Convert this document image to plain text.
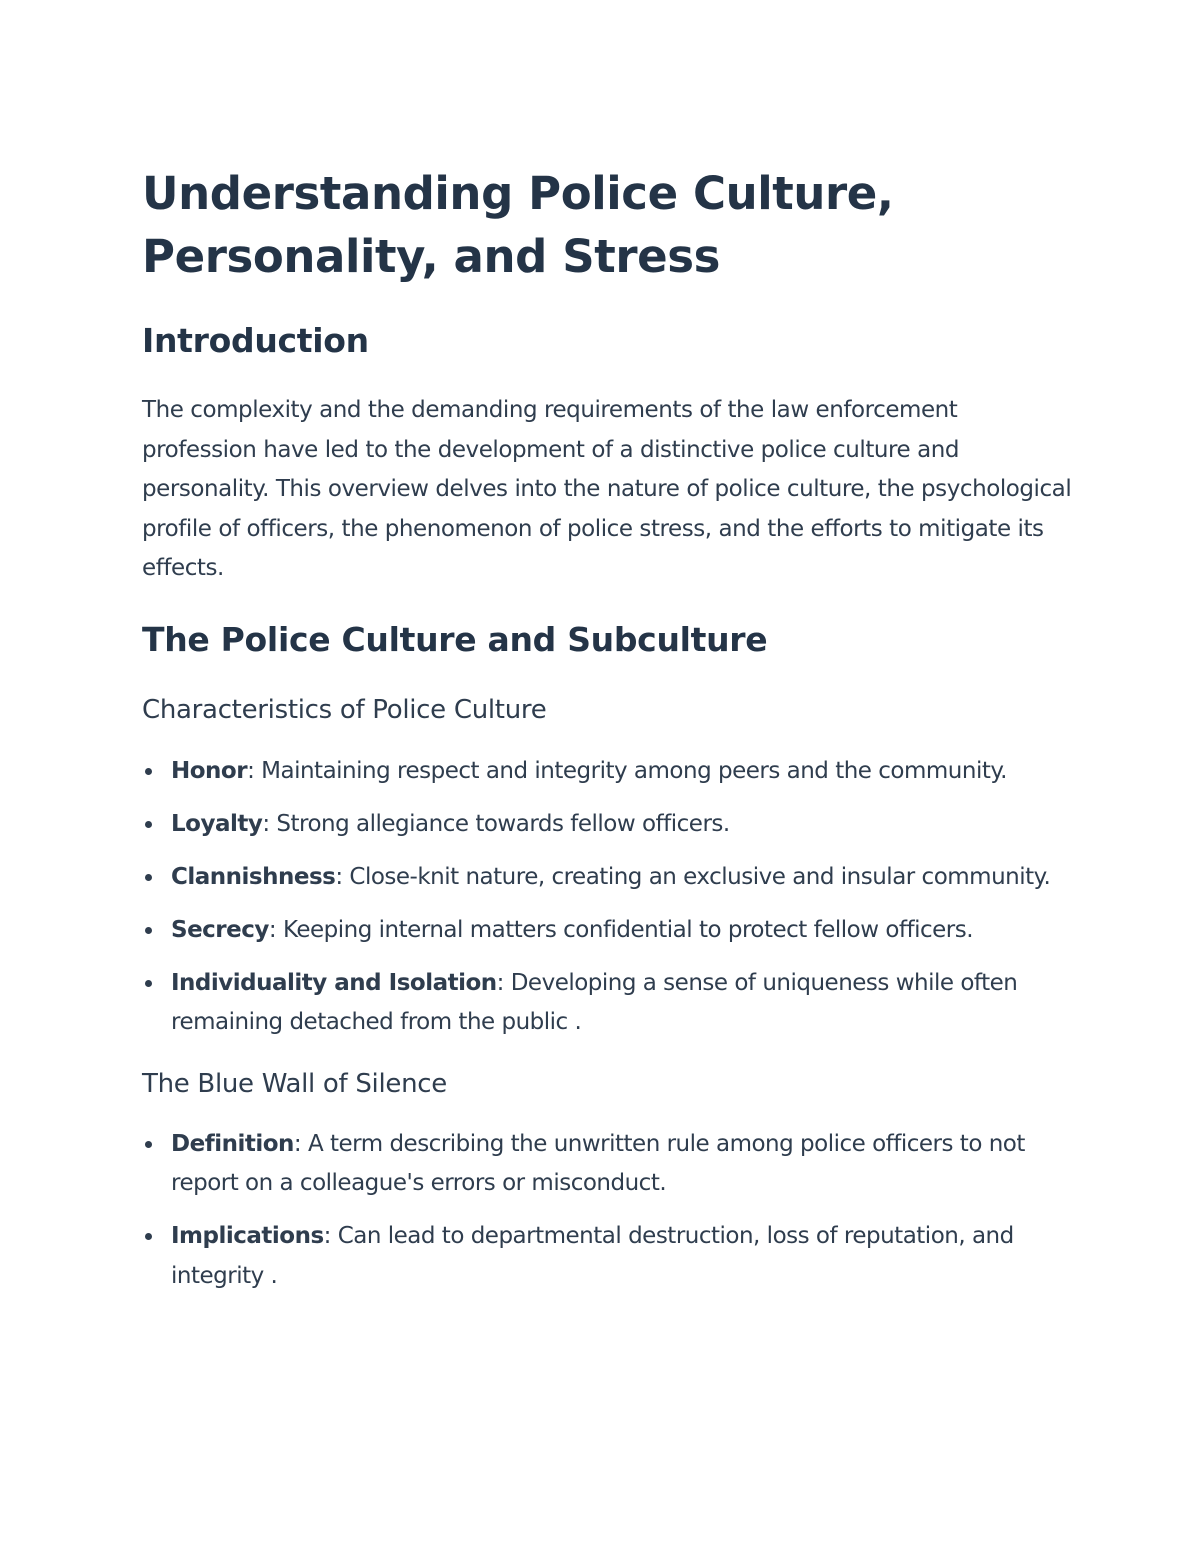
Understanding Police Culture, Personality, and Stress
Introduction

The complexity and the demanding requirements of the law enforcement profession have led to the development of a distinctive police culture and personality. This overview delves into the nature of police culture, the psychological profile of officers, the phenomenon of police stress, and the efforts to mitigate its effects.

The Police Culture and Subculture
Characteristics of Police Culture
Honor: Maintaining respect and integrity among peers and the community.
Loyalty: Strong allegiance towards fellow officers.
Clannishness: Close-knit nature, creating an exclusive and insular community.
Secrecy: Keeping internal matters confidential to protect fellow officers.
Individuality and Isolation: Developing a sense of uniqueness while often remaining detached from the public .
The Blue Wall of Silence
Definition: A term describing the unwritten rule among police officers to not report on a colleague's errors or misconduct.
Implications: Can lead to departmental destruction, loss of reputation, and integrity .
